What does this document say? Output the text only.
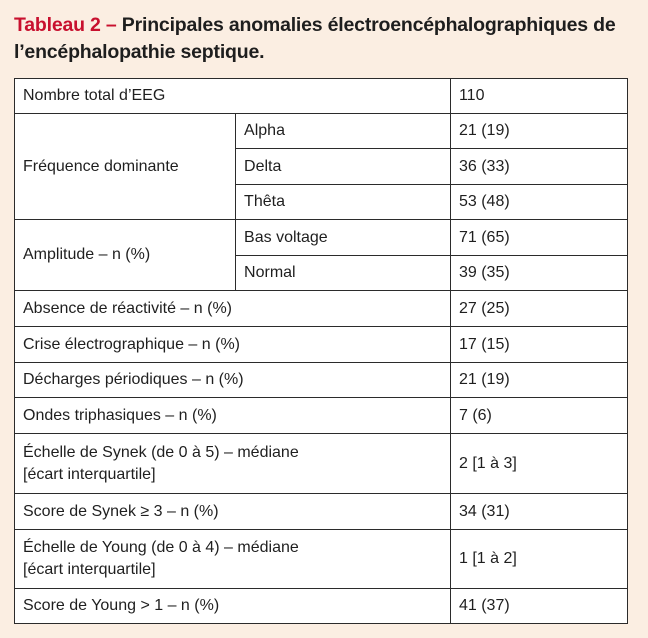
Tableau 2 – Principales anomalies électroencéphalographiques de l’encéphalopathie septique.
Nombre total d’EEG		110
Fréquence dominante	Alpha	21 (19)
	Delta	36 (33)
	Thêta	53 (48)
Amplitude – n (%)	Bas voltage	71 (65)
	Normal	39 (35)
Absence de réactivité – n (%)		27 (25)
Crise électrographique – n (%)		17 (15)
Décharges périodiques – n (%)		21 (19)
Ondes triphasiques – n (%)		7 (6)

Échelle de Synek (de 0 à 5) – médiane
[écart interquartile]		2 [1 à 3]
Score de Synek ≥ 3 – n (%)		34 (31)

Échelle de Young (de 0 à 4) – médiane
[écart interquartile]		1 [1 à 2]
Score de Young > 1 – n (%)		41 (37)
